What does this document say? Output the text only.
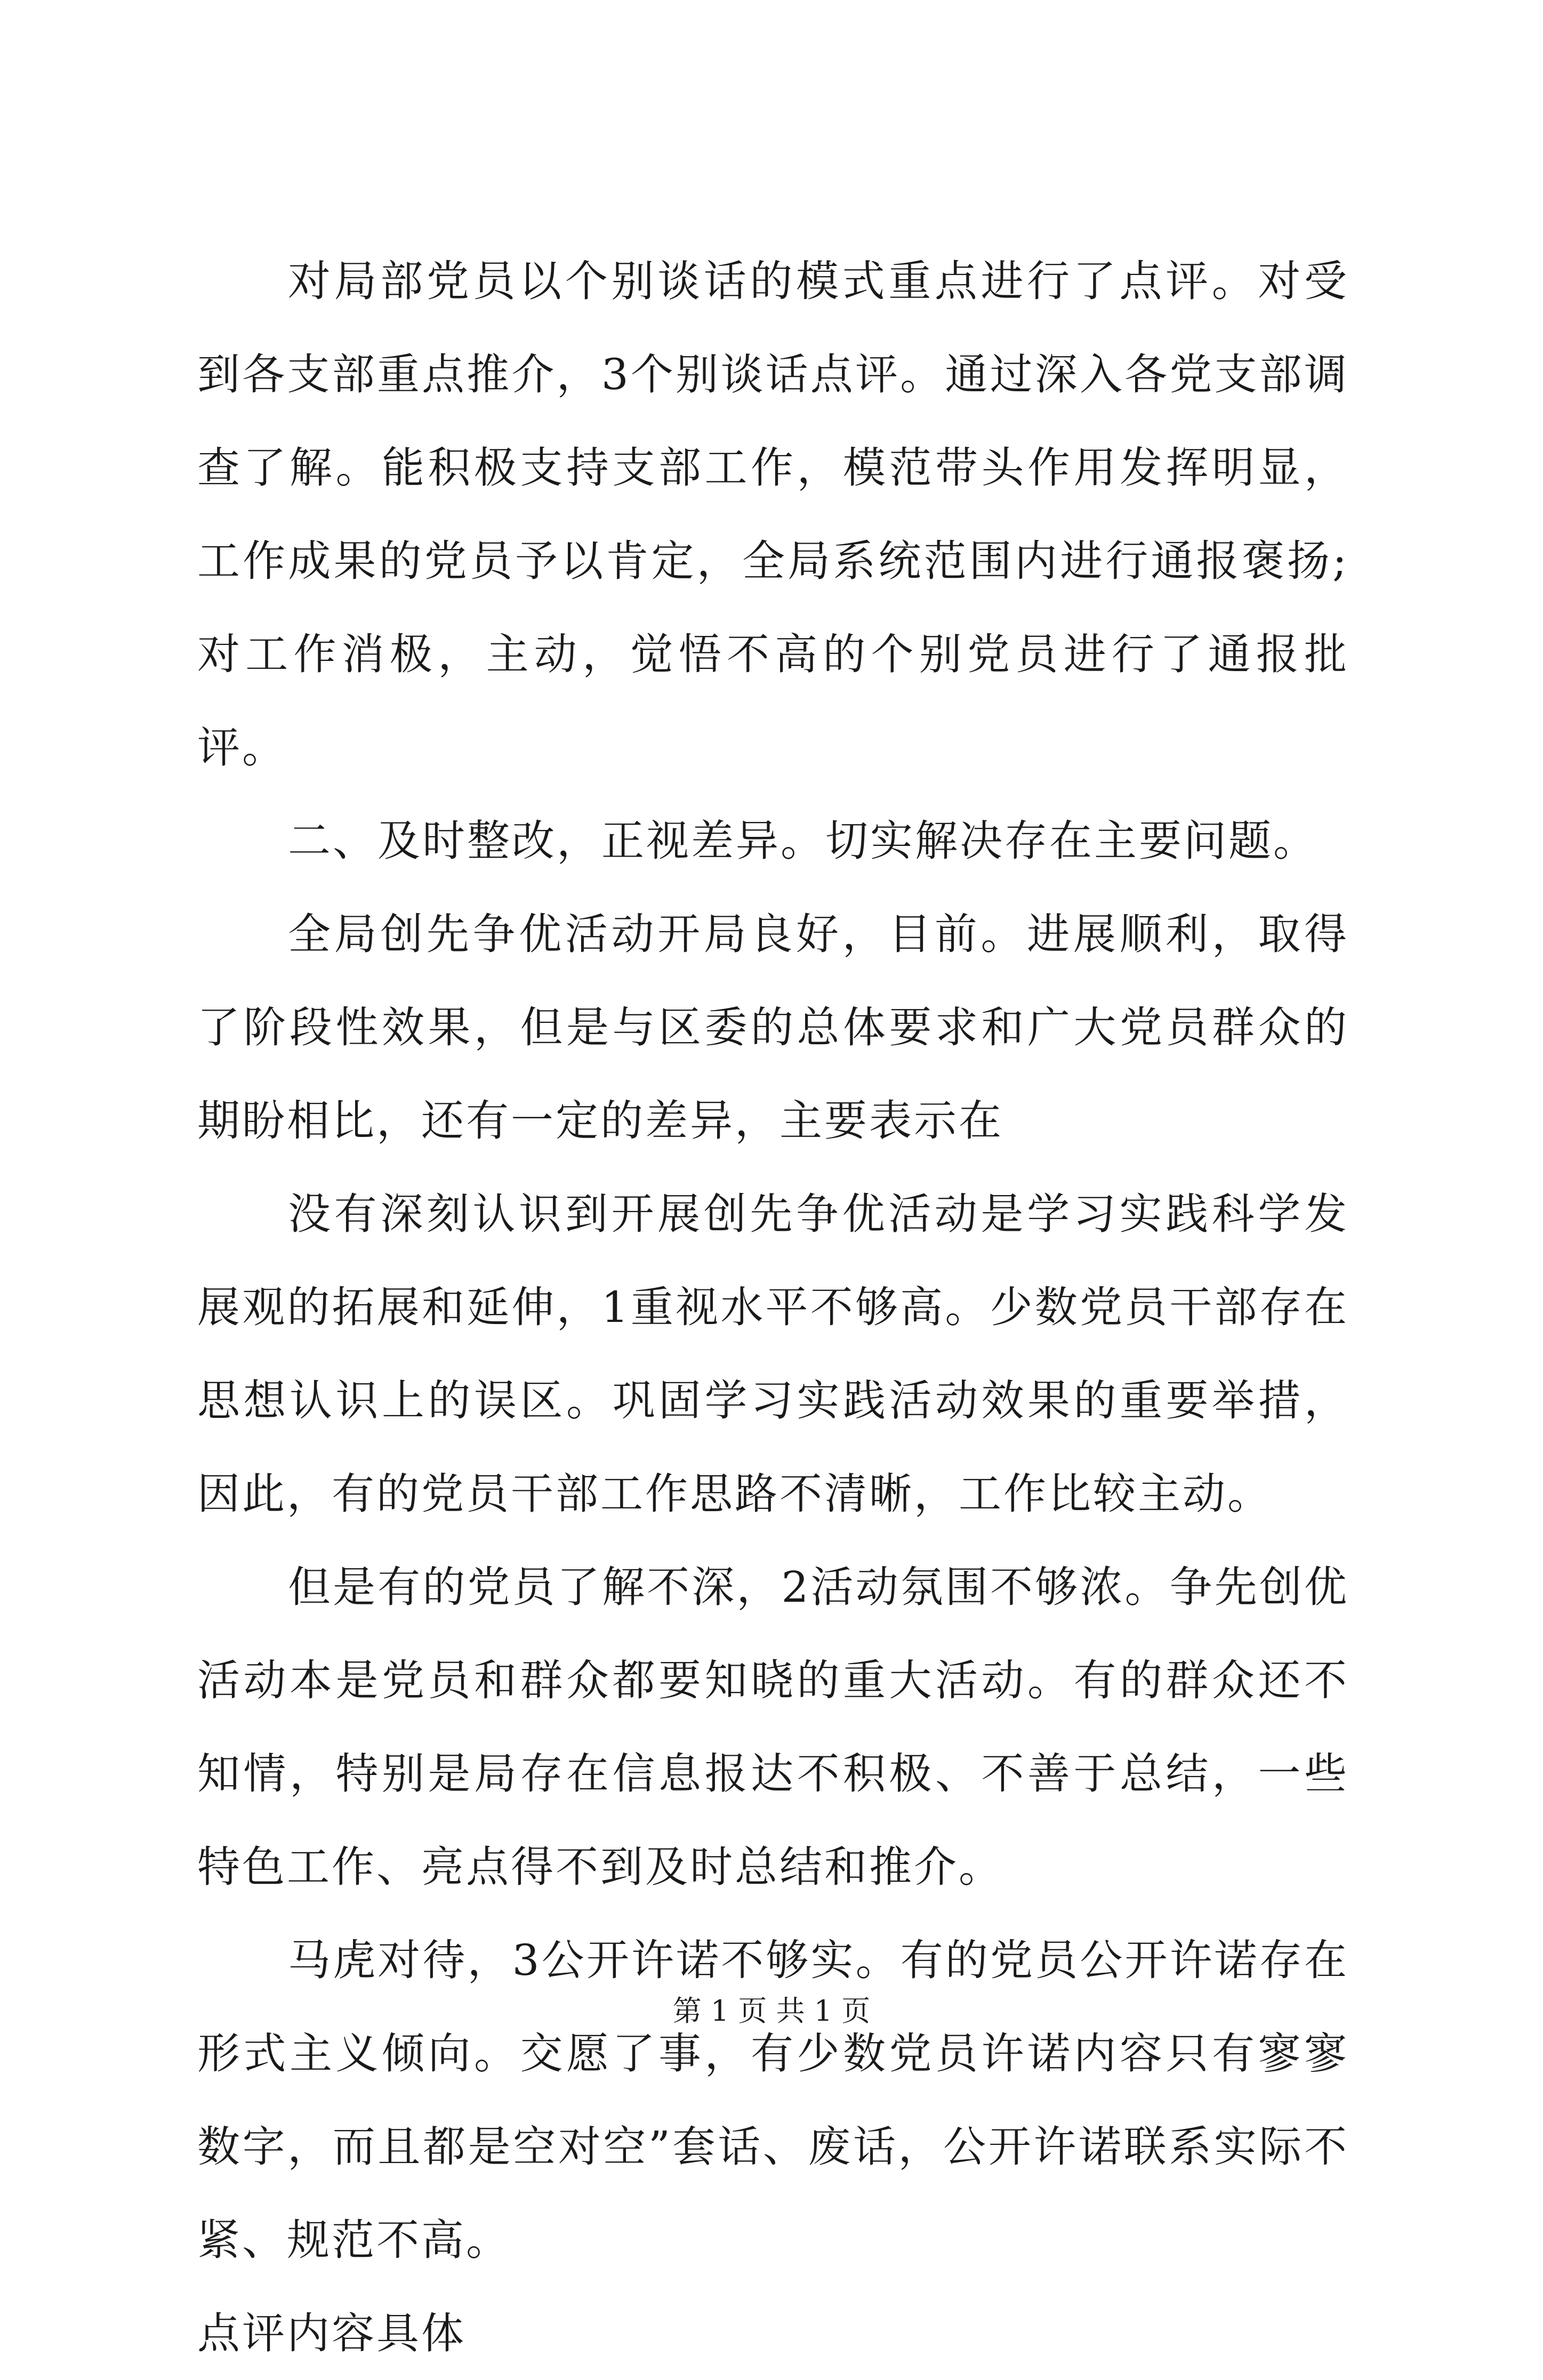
对局部党员以个别谈话的模式重点进行了点评。对受到各支部重点推介，3个别谈话点评。通过深入各党支部调查了解。能积极支持支部工作，模范带头作用发挥明显，工作成果的党员予以肯定，全局系统范围内进行通报褒扬;对工作消极，主动，觉悟不高的个别党员进行了通报批评。

二、及时整改，正视差异。切实解决存在主要问题。

全局创先争优活动开局良好，目前。进展顺利，取得了阶段性效果，但是与区委的总体要求和广大党员群众的期盼相比，还有一定的差异，主要表示在

没有深刻认识到开展创先争优活动是学习实践科学发展观的拓展和延伸，1重视水平不够高。少数党员干部存在思想认识上的误区。巩固学习实践活动效果的重要举措，因此，有的党员干部工作思路不清晰，工作比较主动。

但是有的党员了解不深，2活动氛围不够浓。争先创优活动本是党员和群众都要知晓的重大活动。有的群众还不知情，特别是局存在信息报达不积极、不善于总结，一些特色工作、亮点得不到及时总结和推介。

马虎对待，3公开许诺不够实。有的党员公开许诺存在形式主义倾向。交愿了事，有少数党员许诺内容只有寥寥数字，而且都是空对空”套话、废话，公开许诺联系实际不紧、规范不高。

点评内容具体

第 1 页 共 1 页
